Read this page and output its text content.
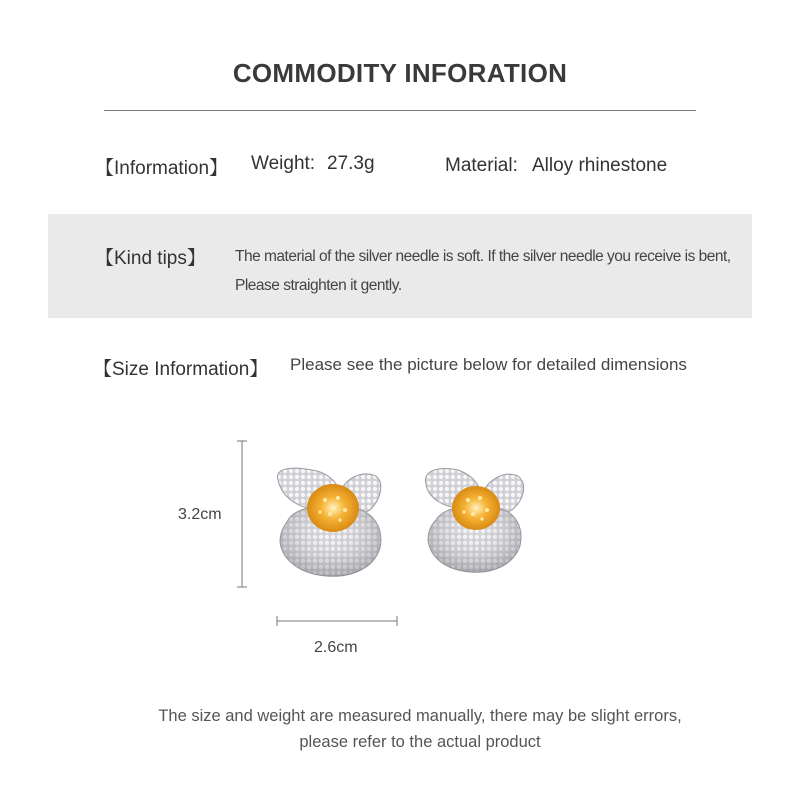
COMMODITY INFORATION
【Information】 Weight: 27.3g	Material: Alloy rhinestone
【Kind tips】 The material of the silver needle is soft. If the silver needle you receive is bent,
Please straighten it gently.
【Size Information】 Please see the picture below for detailed dimensions
3.2cm
2.6cm
The size and weight are measured manually, there may be slight errors,
please refer to the actual product
